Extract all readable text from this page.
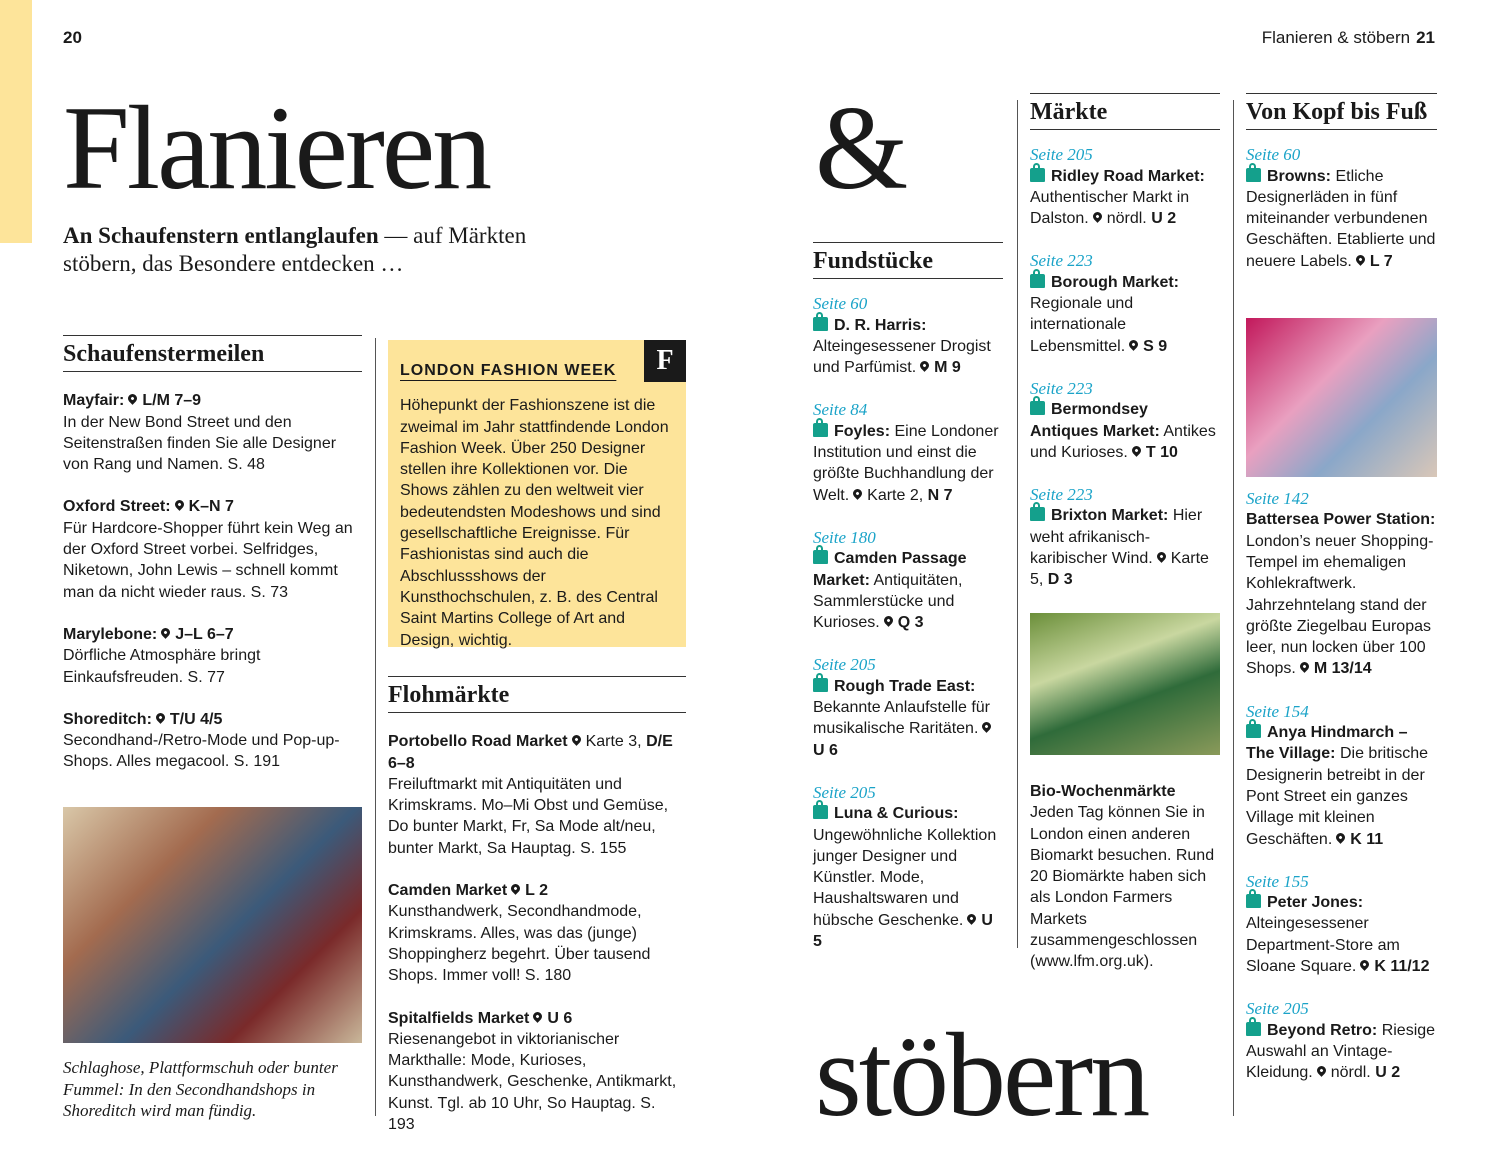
20	Flanieren & stöbern 21
Flanieren	&
stöbern
An Schaufenstern entlanglaufen — auf Märkten stöbern, das Besondere entdecken …
Schaufenstermeilen
Mayfair: L/M 7–9
In der New Bond Street und den Seitenstraßen finden Sie alle Designer von Rang und Namen. S. 48
Oxford Street: K–N 7
Für Hardcore-Shopper führt kein Weg an der Oxford Street vorbei. Selfridges, Niketown, John Lewis – schnell kommt man da nicht wieder raus. S. 73
Marylebone: J–L 6–7
Dörfliche Atmosphäre bringt Einkaufsfreuden. S. 77
Shoreditch: T/U 4/5
Secondhand-/Retro-Mode und Pop-up-Shops. Alles megacool. S. 191
Schlaghose, Plattformschuh oder bunter Fummel: In den Secondhandshops in Shoreditch wird man fündig.
F
LONDON FASHION WEEK
Höhepunkt der Fashionszene ist die zweimal im Jahr stattfindende London Fashion Week. Über 250 Designer stellen ihre Kollektionen vor. Die Shows zählen zu den weltweit vier bedeutendsten Modeshows und sind gesellschaftliche Ereignisse. Für Fashionistas sind auch die Abschlussshows der Kunsthochschulen, z. B. des Central Saint Martins College of Art and Design, wichtig.
Flohmärkte
Portobello Road Market Karte 3, D/E 6–8
Freiluftmarkt mit Antiquitäten und Krimskrams. Mo–Mi Obst und Gemüse, Do bunter Markt, Fr, Sa Mode alt/neu, bunter Markt, Sa Hauptag. S. 155
Camden Market L 2
Kunsthandwerk, Secondhandmode, Krimskrams. Alles, was das (junge) Shoppingherz begehrt. Über tausend Shops. Immer voll! S. 180
Spitalfields Market U 6
Riesenangebot in viktorianischer Markthalle: Mode, Kurioses, Kunsthandwerk, Geschenke, Antikmarkt, Kunst. Tgl. ab 10 Uhr, So Hauptag. S. 193
Fundstücke
Seite 60
D. R. Harris: Alteingesessener Drogist und Parfümist. M 9
Seite 84
Foyles: Eine Londoner Institution und einst die größte Buchhandlung der Welt. Karte 2, N 7
Seite 180
Camden Passage Market: Antiquitäten, Sammlerstücke und Kurioses. Q 3
Seite 205
Rough Trade East: Bekannte Anlaufstelle für musikalische Raritäten.U 6
Seite 205
Luna & Curious: Ungewöhnliche Kollektion junger Designer und Künstler. Mode, Haushaltswaren und hübsche Geschenke. U 5
Märkte
Seite 205
Ridley Road Market: Authentischer Markt in Dalston. nördl. U 2
Seite 223
Borough Market: Regionale und internationale Lebensmittel. S 9
Seite 223
Bermondsey Antiques Market: Antikes und Kurioses. T 10
Seite 223
Brixton Market: Hier weht afrikanisch-karibischer Wind. Karte 5, D 3
Bio-Wochenmärkte
Jeden Tag können Sie in London einen anderen Biomarkt besuchen. Rund 20 Biomärkte haben sich als London Farmers Markets zusammengeschlossen (www.lfm.org.uk).
Von Kopf bis Fuß
Seite 60
Browns: Etliche Designerläden in fünf miteinander verbundenen Geschäften. Etablierte und neuere Labels. L 7
Seite 142
Battersea Power Station: London’s neuer Shopping-Tempel im ehemaligen Kohlekraftwerk. Jahrzehntelang stand der größte Ziegelbau Europas leer, nun locken über 100 Shops. M 13/14
Seite 154
Anya Hindmarch – The Village: Die britische Designerin betreibt in der Pont Street ein ganzes Village mit kleinen Geschäften. K 11
Seite 155
Peter Jones: Alteingesessener Department-Store am Sloane Square. K 11/12
Seite 205
Beyond Retro: Riesige Auswahl an Vintage-Kleidung. nördl. U 2
